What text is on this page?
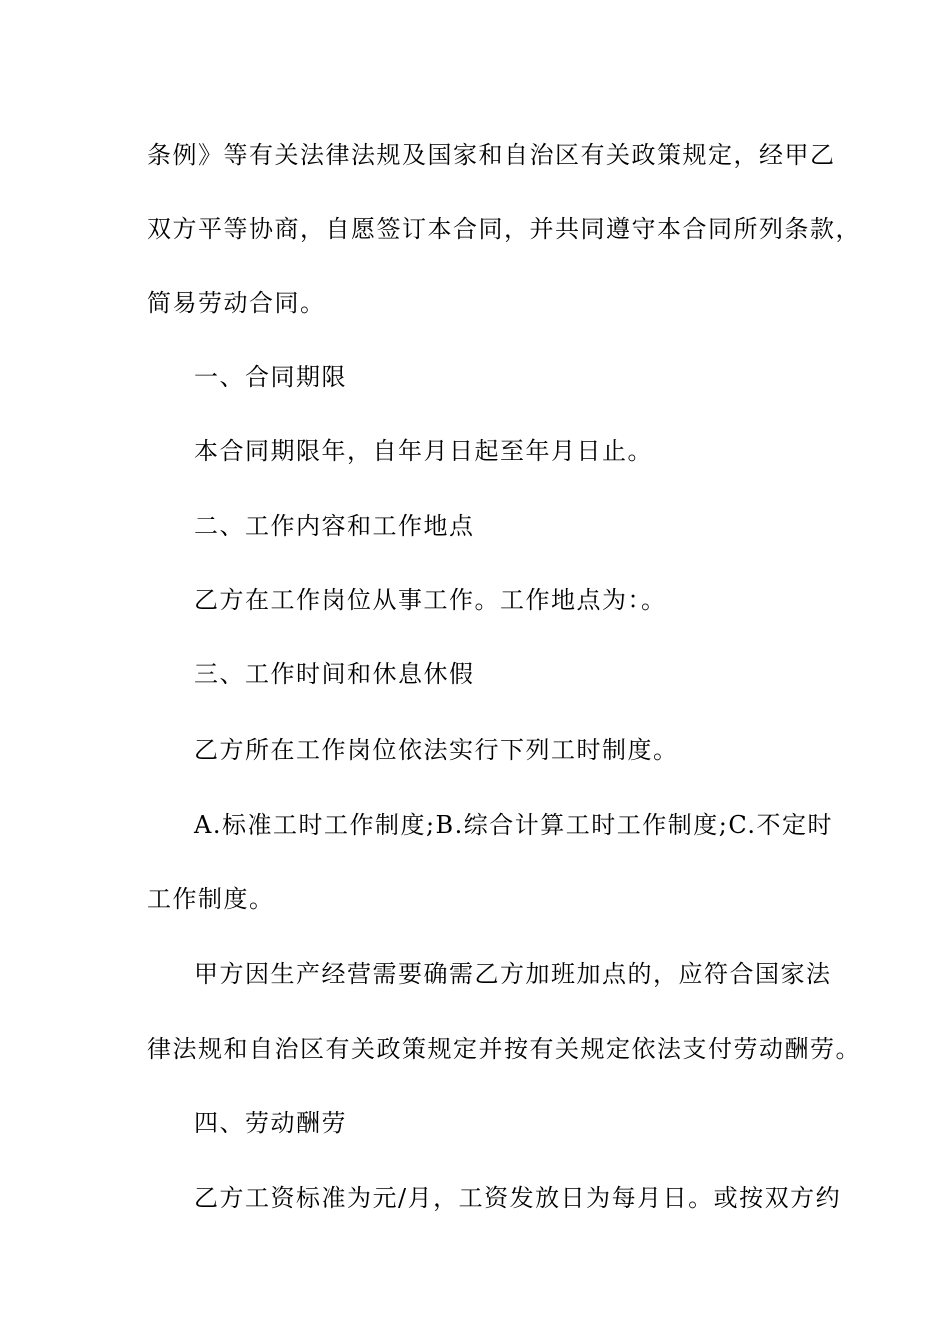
条例》等有关法律法规及国家和自治区有关政策规定，经甲乙
双方平等协商，自愿签订本合同，并共同遵守本合同所列条款，
简易劳动合同。
一、合同期限
本合同期限年，自年月日起至年月日止。
二、工作内容和工作地点
乙方在工作岗位从事工作。工作地点为：。
三、工作时间和休息休假
乙方所在工作岗位依法实行下列工时制度。
A.标准工时工作制度;B.综合计算工时工作制度;C.不定时
工作制度。
甲方因生产经营需要确需乙方加班加点的，应符合国家法
律法规和自治区有关政策规定并按有关规定依法支付劳动酬劳。
四、劳动酬劳
乙方工资标准为元/月，工资发放日为每月日。或按双方约
